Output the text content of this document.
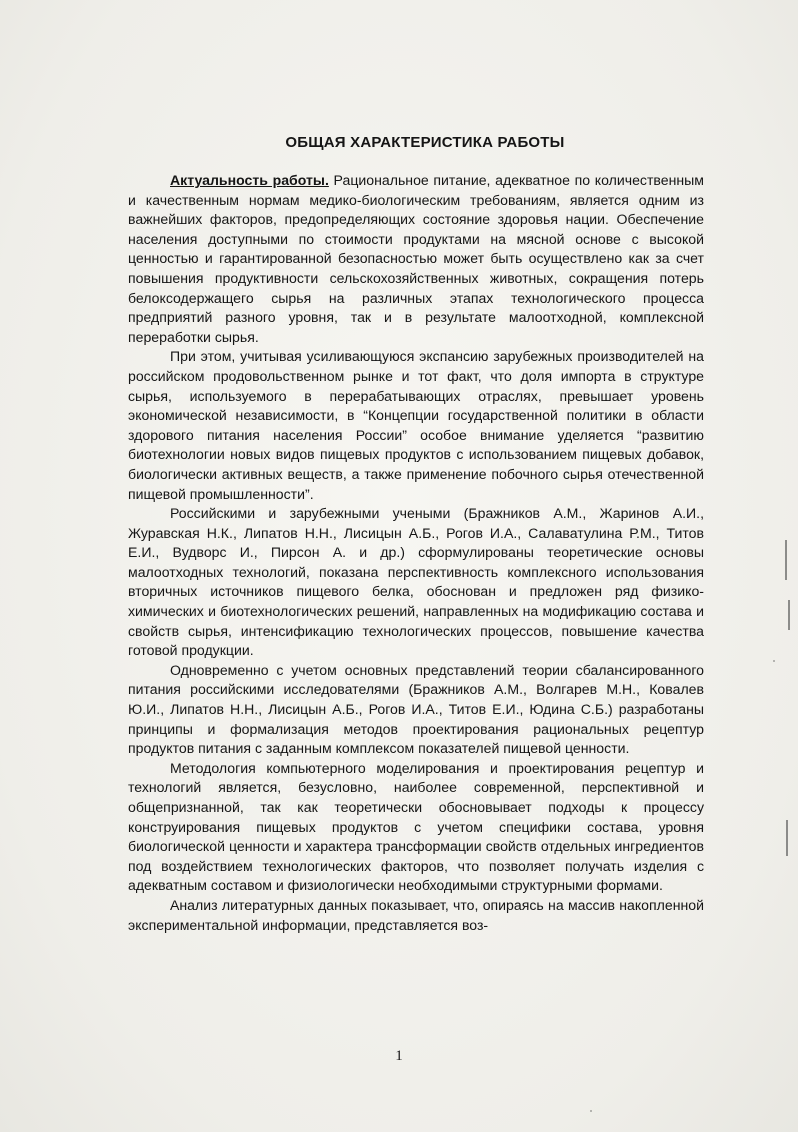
ОБЩАЯ ХАРАКТЕРИСТИКА РАБОТЫ

Актуальность работы. Рациональное питание, адекватное по количественным и качественным нормам медико-биологическим требованиям, является одним из важнейших факторов, предопределяющих состояние здоровья нации. Обеспечение населения доступными по стоимости продуктами на мясной основе с высокой ценностью и гарантированной безопасностью может быть осуществлено как за счет повышения продуктивности сельскохозяйственных животных, сокращения потерь белоксодержащего сырья на различных этапах технологического процесса предприятий разного уровня, так и в результате малоотходной, комплексной переработки сырья.

При этом, учитывая усиливающуюся экспансию зарубежных производителей на российском продовольственном рынке и тот факт, что доля импорта в структуре сырья, используемого в перерабатывающих отраслях, превышает уровень экономической независимости, в “Концепции государственной политики в области здорового питания населения России” особое внимание уделяется “развитию биотехнологии новых видов пищевых продуктов с использованием пищевых добавок, биологически активных веществ, а также применение побочного сырья отечественной пищевой промышленности”.

Российскими и зарубежными учеными (Бражников А.М., Жаринов А.И., Журавская Н.К., Липатов Н.Н., Лисицын А.Б., Рогов И.А., Салаватулина Р.М., Титов Е.И., Вудворс И., Пирсон А. и др.) сформулированы теоретические основы малоотходных технологий, показана перспективность комплексного использования вторичных источников пищевого белка, обоснован и предложен ряд физико-химических и биотехнологических решений, направленных на модификацию состава и свойств сырья, интенсификацию технологических процессов, повышение качества готовой продукции.

Одновременно с учетом основных представлений теории сбалансированного питания российскими исследователями (Бражников А.М., Волгарев М.Н., Ковалев Ю.И., Липатов Н.Н., Лисицын А.Б., Рогов И.А., Титов Е.И., Юдина С.Б.) разработаны принципы и формализация методов проектирования рациональных рецептур продуктов питания с заданным комплексом показателей пищевой ценности.

Методология компьютерного моделирования и проектирования рецептур и технологий является, безусловно, наиболее современной, перспективной и общепризнанной, так как теоретически обосновывает подходы к процессу конструирования пищевых продуктов с учетом специфики состава, уровня биологической ценности и характера трансформации свойств отдельных ингредиентов под воздействием технологических факторов, что позволяет получать изделия с адекватным составом и физиологически необходимыми структурными формами.

Анализ литературных данных показывает, что, опираясь на массив накопленной экспериментальной информации, представляется воз-

1
